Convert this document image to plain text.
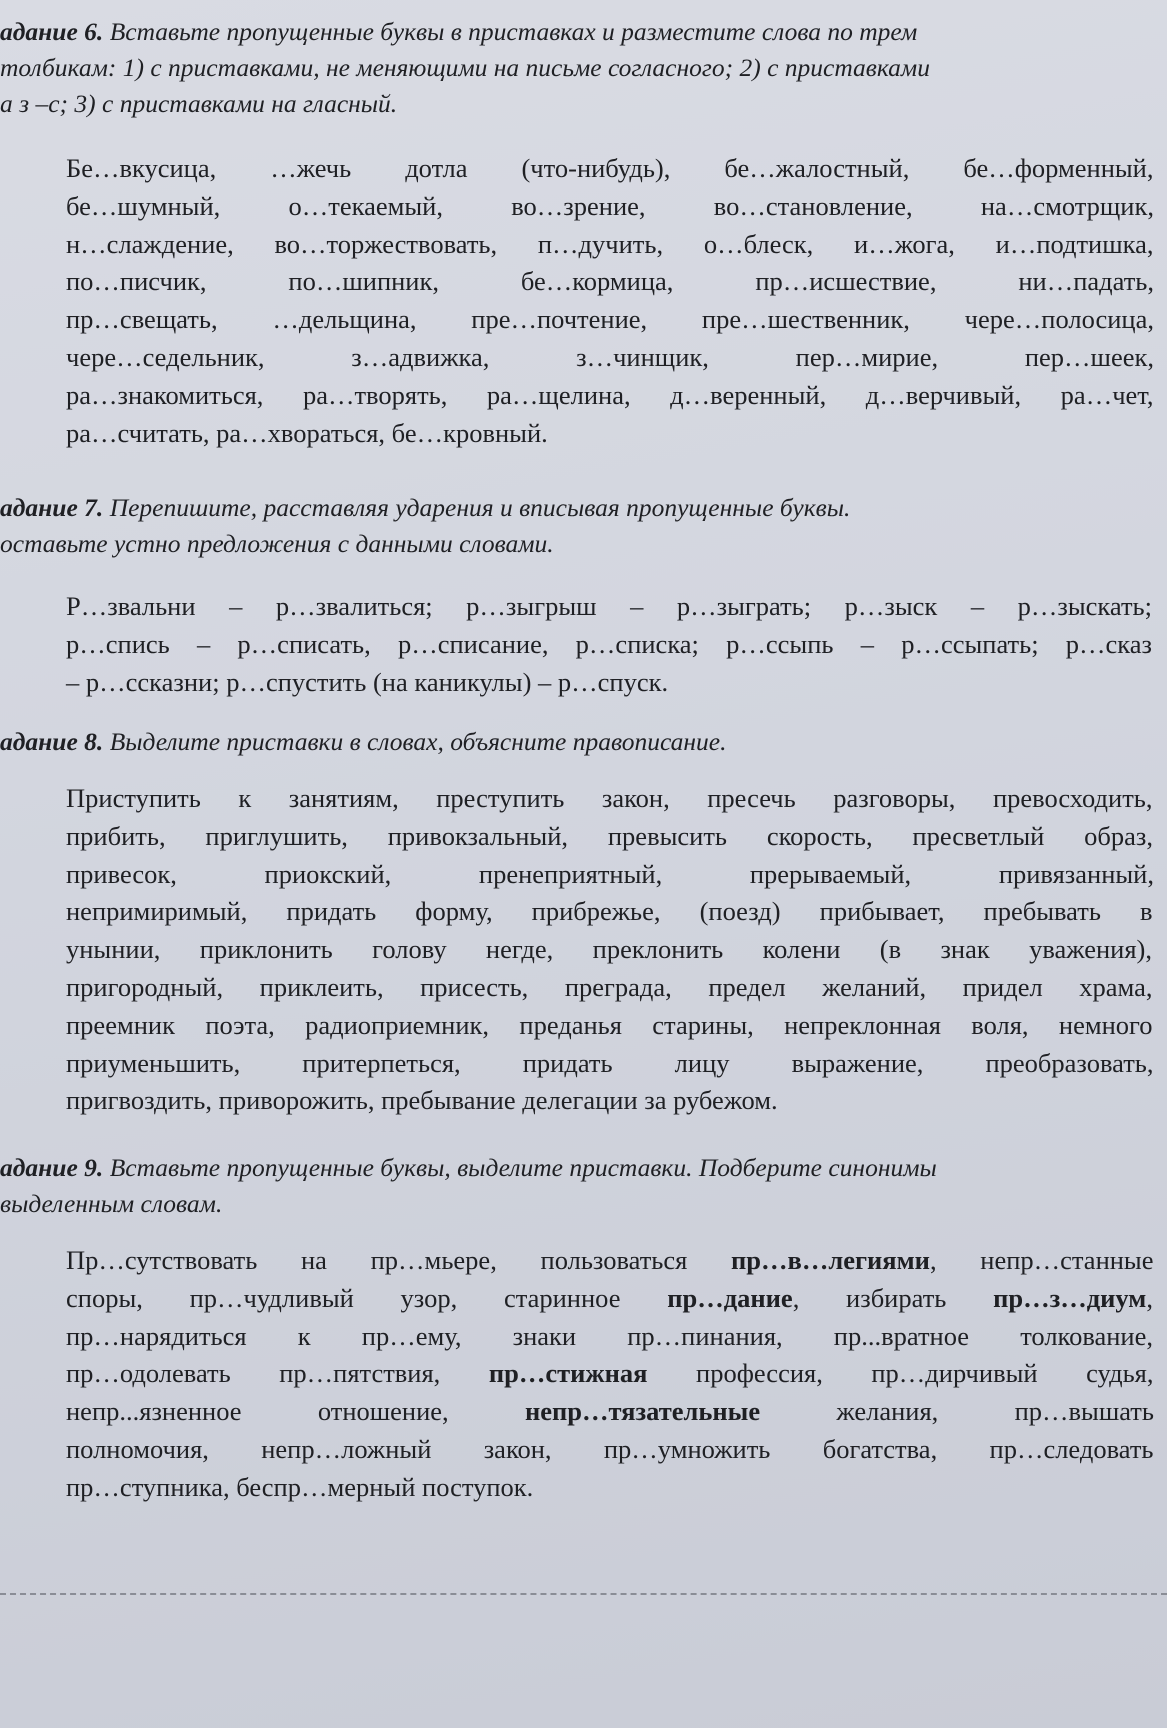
адание 6. Вставьте пропущенные буквы в приставках и разместите слова по трем
толбикам: 1) с приставками, не меняющими на письме согласного; 2) с приставками
а з –с; 3) с приставками на гласный.
Бе…вкусица, …жечь дотла (что-нибудь), бе…жалостный, бе…форменный,
бе…шумный, о…текаемый, во…зрение, во…становление, на…смотрщик,
н…слаждение, во…торжествовать, п…дучить, о…блеск, и…жога, и…подтишка,
по…писчик, по…шипник, бе…кормица, пр…исшествие, ни…падать,
пр…свещать, …дельщина, пре…почтение, пре…шественник, чере…полосица,
чере…седельник, з…адвижка, з…чинщик, пер…мирие, пер…шеек,
ра…знакомиться, ра…творять, ра…щелина, д…веренный, д…верчивый, ра…чет,
ра…считать, ра…хвораться, бе…кровный.
адание 7. Перепишите, расставляя ударения и вписывая пропущенные буквы.
оставьте устно предложения с данными словами.
Р…звальни – р…звалиться; р…зыгрыш – р…зыграть; р…зыск – р…зыскать;
р…спись – р…списать, р…списание, р…списка; р…ссыпь – р…ссыпать; р…сказ
– р…ссказни; р…спустить (на каникулы) – р…спуск.
адание 8. Выделите приставки в словах, объясните правописание.
Приступить к занятиям, преступить закон, пресечь разговоры, превосходить,
прибить, приглушить, привокзальный, превысить скорость, пресветлый образ,
привесок, приокский, пренеприятный, прерываемый, привязанный,
непримиримый, придать форму, прибрежье, (поезд) прибывает, пребывать в
унынии, приклонить голову негде, преклонить колени (в знак уважения),
пригородный, приклеить, присесть, преграда, предел желаний, придел храма,
преемник поэта, радиоприемник, преданья старины, непреклонная воля, немного
приуменьшить, притерпеться, придать лицу выражение, преобразовать,
пригвоздить, приворожить, пребывание делегации за рубежом.
адание 9. Вставьте пропущенные буквы, выделите приставки. Подберите синонимы
выделенным словам.
Пр…сутствовать на пр…мьере, пользоваться пр…в…легиями, непр…станные
споры, пр…чудливый узор, старинное пр…дание, избирать пр…з…диум,
пр…нарядиться к пр…ему, знаки пр…пинания, пр...вратное толкование,
пр…одолевать пр…пятствия, пр…стижная профессия, пр…дирчивый судья,
непр...язненное отношение, непр…тязательные желания, пр…вышать
полномочия, непр…ложный закон, пр…умножить богатства, пр…следовать
пр…ступника, беспр…мерный поступок.
